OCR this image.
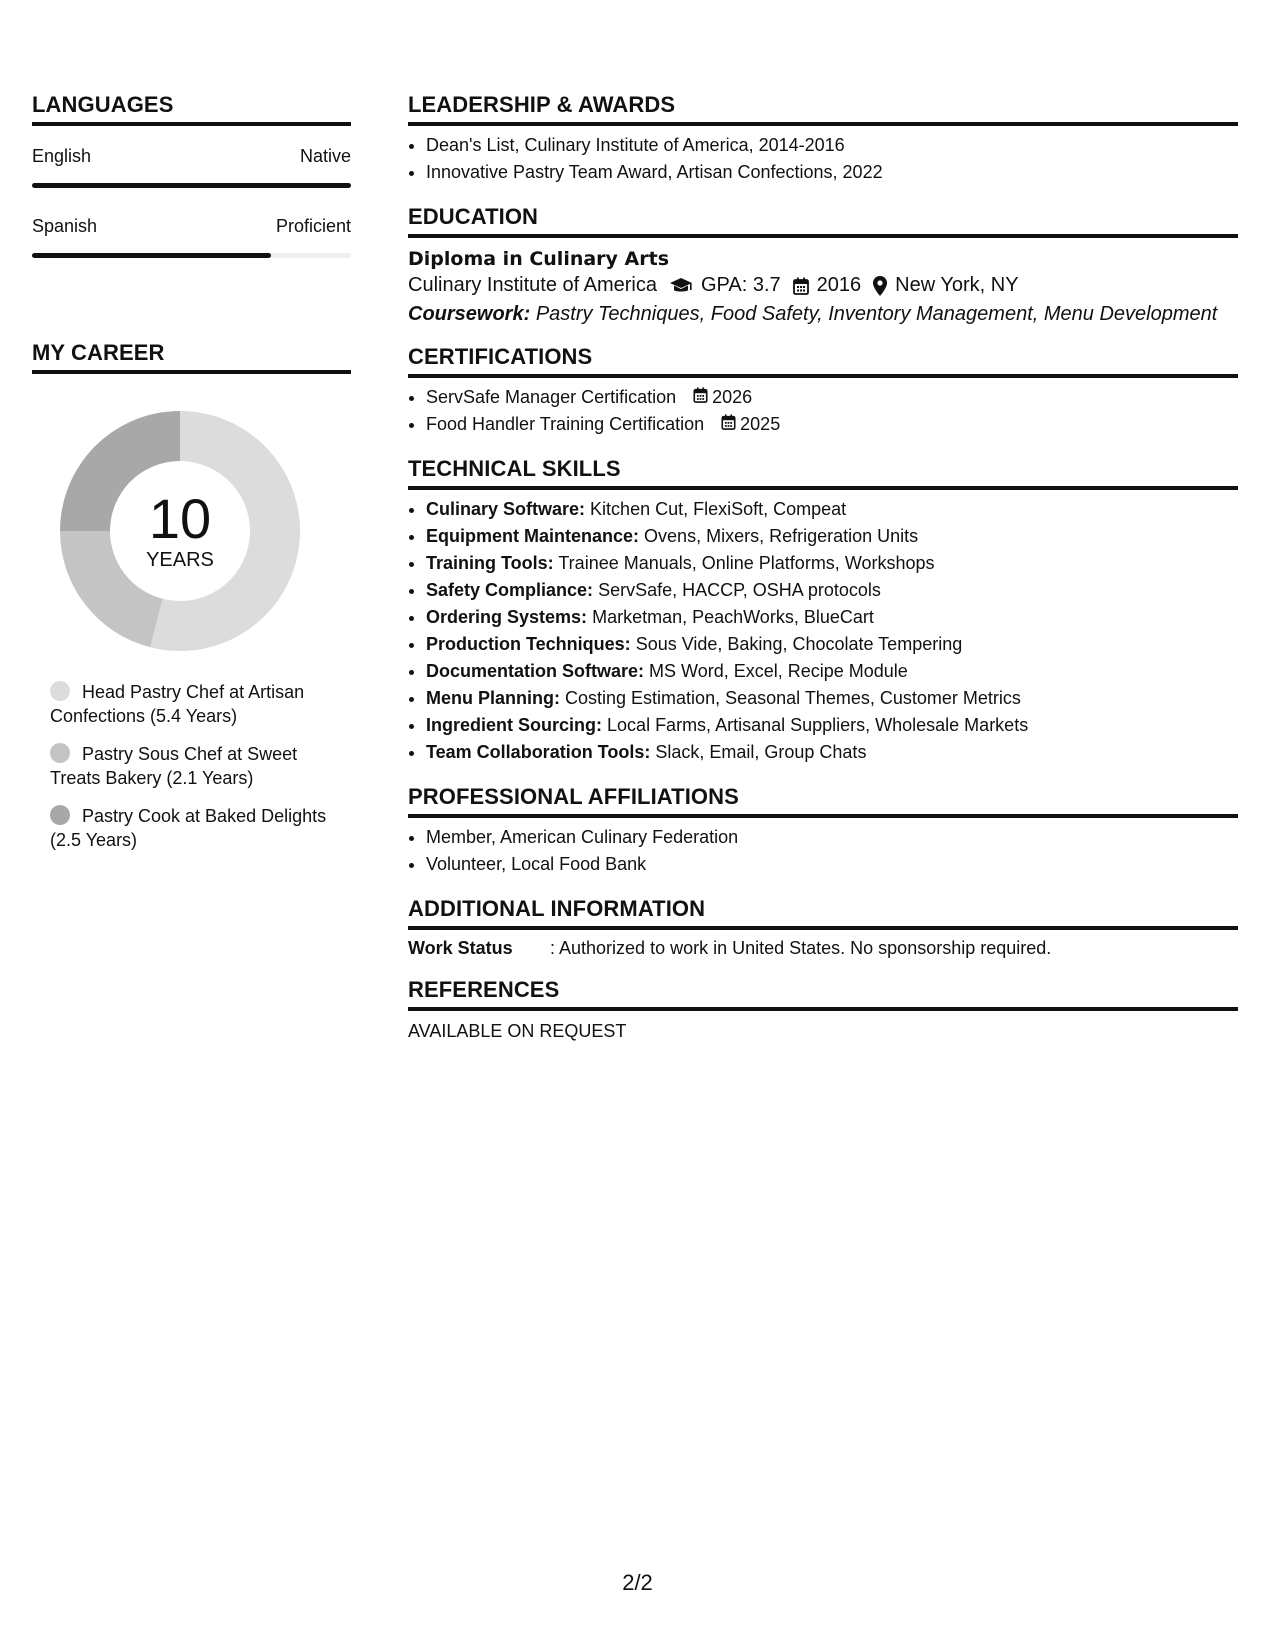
LANGUAGES
English	Native
Spanish	Proficient
MY CAREER
10
YEARS
Head Pastry Chef at Artisan Confections (5.4 Years)
Pastry Sous Chef at Sweet Treats Bakery (2.1 Years)
Pastry Cook at Baked Delights (2.5 Years)
LEADERSHIP & AWARDS
• Dean's List, Culinary Institute of America, 2014-2016
• Innovative Pastry Team Award, Artisan Confections, 2022
EDUCATION
Diploma in Culinary Arts
Culinary Institute of America GPA: 3.7 2016 New York, NY
Coursework: Pastry Techniques, Food Safety, Inventory Management, Menu Development
CERTIFICATIONS
• ServSafe Manager Certification 2026
• Food Handler Training Certification 2025
TECHNICAL SKILLS
• Culinary Software: Kitchen Cut, FlexiSoft, Compeat
• Equipment Maintenance: Ovens, Mixers, Refrigeration Units
• Training Tools: Trainee Manuals, Online Platforms, Workshops
• Safety Compliance: ServSafe, HACCP, OSHA protocols
• Ordering Systems: Marketman, PeachWorks, BlueCart
• Production Techniques: Sous Vide, Baking, Chocolate Tempering
• Documentation Software: MS Word, Excel, Recipe Module
• Menu Planning: Costing Estimation, Seasonal Themes, Customer Metrics
• Ingredient Sourcing: Local Farms, Artisanal Suppliers, Wholesale Markets
• Team Collaboration Tools: Slack, Email, Group Chats
PROFESSIONAL AFFILIATIONS
• Member, American Culinary Federation
• Volunteer, Local Food Bank
ADDITIONAL INFORMATION
Work Status	: Authorized to work in United States. No sponsorship required.
REFERENCES
AVAILABLE ON REQUEST
2/2
